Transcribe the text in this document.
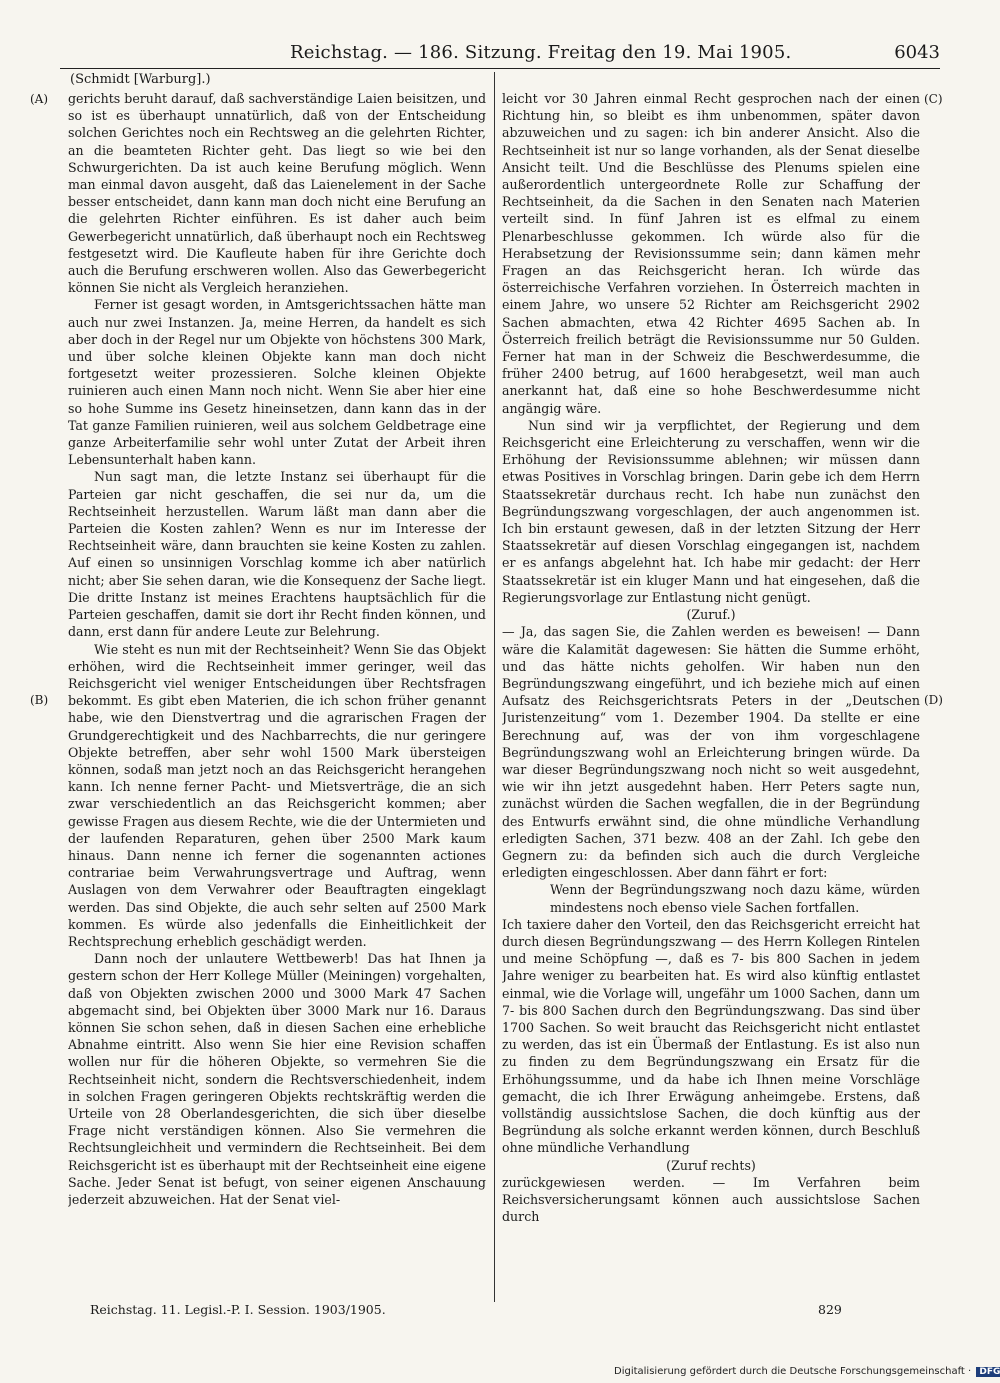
Reichstag. — 186. Sitzung. Freitag den 19. Mai 1905.	6043
(Schmidt [Warburg].)
(A)
(B)
(C)
(D)

gerichts beruht darauf, daß sachverständige Laien beisitzen, und so ist es überhaupt unnatürlich, daß von der Entscheidung solchen Gerichtes noch ein Rechtsweg an die gelehrten Richter, an die beamteten Richter geht. Das liegt so wie bei den Schwurgerichten. Da ist auch keine Berufung möglich. Wenn man einmal davon ausgeht, daß das Laienelement in der Sache besser entscheidet, dann kann man doch nicht eine Berufung an die gelehrten Richter einführen. Es ist daher auch beim Gewerbegericht unnatürlich, daß überhaupt noch ein Rechtsweg festgesetzt wird. Die Kaufleute haben für ihre Gerichte doch auch die Berufung erschweren wollen. Also das Gewerbegericht können Sie nicht als Vergleich heranziehen.

Ferner ist gesagt worden, in Amtsgerichtssachen hätte man auch nur zwei Instanzen. Ja, meine Herren, da handelt es sich aber doch in der Regel nur um Objekte von höchstens 300 Mark, und über solche kleinen Objekte kann man doch nicht fortgesetzt weiter prozessieren. Solche kleinen Objekte ruinieren auch einen Mann noch nicht. Wenn Sie aber hier eine so hohe Summe ins Gesetz hineinsetzen, dann kann das in der Tat ganze Familien ruinieren, weil aus solchem Geldbetrage eine ganze Arbeiterfamilie sehr wohl unter Zutat der Arbeit ihren Lebensunterhalt haben kann.

Nun sagt man, die letzte Instanz sei überhaupt für die Parteien gar nicht geschaffen, die sei nur da, um die Rechtseinheit herzustellen. Warum läßt man dann aber die Parteien die Kosten zahlen? Wenn es nur im Interesse der Rechtseinheit wäre, dann brauchten sie keine Kosten zu zahlen. Auf einen so unsinnigen Vorschlag komme ich aber natürlich nicht; aber Sie sehen daran, wie die Konsequenz der Sache liegt. Die dritte Instanz ist meines Erachtens hauptsächlich für die Parteien geschaffen, damit sie dort ihr Recht finden können, und dann, erst dann für andere Leute zur Belehrung.

Wie steht es nun mit der Rechtseinheit? Wenn Sie das Objekt erhöhen, wird die Rechtseinheit immer geringer, weil das Reichsgericht viel weniger Entscheidungen über Rechtsfragen bekommt. Es gibt eben Materien, die ich schon früher genannt habe, wie den Dienstvertrag und die agrarischen Fragen der Grundgerechtigkeit und des Nachbarrechts, die nur geringere Objekte betreffen, aber sehr wohl 1500 Mark übersteigen können, sodaß man jetzt noch an das Reichsgericht herangehen kann. Ich nenne ferner Pacht- und Mietsverträge, die an sich zwar verschiedentlich an das Reichsgericht kommen; aber gewisse Fragen aus diesem Rechte, wie die der Untermieten und der laufenden Reparaturen, gehen über 2500 Mark kaum hinaus. Dann nenne ich ferner die sogenannten actiones contrariae beim Verwahrungsvertrage und Auftrag, wenn Auslagen von dem Verwahrer oder Beauftragten eingeklagt werden. Das sind Objekte, die auch sehr selten auf 2500 Mark kommen. Es würde also jedenfalls die Einheitlichkeit der Rechtsprechung erheblich geschädigt werden.

Dann noch der unlautere Wettbewerb! Das hat Ihnen ja gestern schon der Herr Kollege Müller (Meiningen) vorgehalten, daß von Objekten zwischen 2000 und 3000 Mark 47 Sachen abgemacht sind, bei Objekten über 3000 Mark nur 16. Daraus können Sie schon sehen, daß in diesen Sachen eine erhebliche Abnahme eintritt. Also wenn Sie hier eine Revision schaffen wollen nur für die höheren Objekte, so vermehren Sie die Rechtseinheit nicht, sondern die Rechtsverschiedenheit, indem in solchen Fragen geringeren Objekts rechtskräftig werden die Urteile von 28 Oberlandesgerichten, die sich über dieselbe Frage nicht verständigen können. Also Sie vermehren die Rechtsungleichheit und vermindern die Rechtseinheit. Bei dem Reichsgericht ist es überhaupt mit der Rechtseinheit eine eigene Sache. Jeder Senat ist befugt, von seiner eigenen Anschauung jederzeit abzuweichen. Hat der Senat viel-

leicht vor 30 Jahren einmal Recht gesprochen nach der einen Richtung hin, so bleibt es ihm unbenommen, später davon abzuweichen und zu sagen: ich bin anderer Ansicht. Also die Rechtseinheit ist nur so lange vorhanden, als der Senat dieselbe Ansicht teilt. Und die Beschlüsse des Plenums spielen eine außerordentlich untergeordnete Rolle zur Schaffung der Rechtseinheit, da die Sachen in den Senaten nach Materien verteilt sind. In fünf Jahren ist es elfmal zu einem Plenarbeschlusse gekommen. Ich würde also für die Herabsetzung der Revisionssumme sein; dann kämen mehr Fragen an das Reichsgericht heran. Ich würde das österreichische Verfahren vorziehen. In Österreich machten in einem Jahre, wo unsere 52 Richter am Reichsgericht 2902 Sachen abmachten, etwa 42 Richter 4695 Sachen ab. In Österreich freilich beträgt die Revisionssumme nur 50 Gulden. Ferner hat man in der Schweiz die Beschwerdesumme, die früher 2400 betrug, auf 1600 herabgesetzt, weil man auch anerkannt hat, daß eine so hohe Beschwerdesumme nicht angängig wäre.

Nun sind wir ja verpflichtet, der Regierung und dem Reichsgericht eine Erleichterung zu verschaffen, wenn wir die Erhöhung der Revisionssumme ablehnen; wir müssen dann etwas Positives in Vorschlag bringen. Darin gebe ich dem Herrn Staatssekretär durchaus recht. Ich habe nun zunächst den Begründungszwang vorgeschlagen, der auch angenommen ist. Ich bin erstaunt gewesen, daß in der letzten Sitzung der Herr Staatssekretär auf diesen Vorschlag eingegangen ist, nachdem er es anfangs abgelehnt hat. Ich habe mir gedacht: der Herr Staatssekretär ist ein kluger Mann und hat eingesehen, daß die Regierungsvorlage zur Entlastung nicht genügt.

(Zuruf.)

— Ja, das sagen Sie, die Zahlen werden es beweisen! — Dann wäre die Kalamität dagewesen: Sie hätten die Summe erhöht, und das hätte nichts geholfen. Wir haben nun den Begründungszwang eingeführt, und ich beziehe mich auf einen Aufsatz des Reichsgerichtsrats Peters in der „Deutschen Juristenzeitung“ vom 1. Dezember 1904. Da stellte er eine Berechnung auf, was der von ihm vorgeschlagene Begründungszwang wohl an Erleichterung bringen würde. Da war dieser Begründungszwang noch nicht so weit ausgedehnt, wie wir ihn jetzt ausgedehnt haben. Herr Peters sagte nun, zunächst würden die Sachen wegfallen, die in der Begründung des Entwurfs erwähnt sind, die ohne mündliche Verhandlung erledigten Sachen, 371 bezw. 408 an der Zahl. Ich gebe den Gegnern zu: da befinden sich auch die durch Vergleiche erledigten eingeschlossen. Aber dann fährt er fort:

Wenn der Begründungszwang noch dazu käme, würden mindestens noch ebenso viele Sachen fortfallen.

Ich taxiere daher den Vorteil, den das Reichsgericht erreicht hat durch diesen Begründungszwang — des Herrn Kollegen Rintelen und meine Schöpfung —, daß es 7- bis 800 Sachen in jedem Jahre weniger zu bearbeiten hat. Es wird also künftig entlastet einmal, wie die Vorlage will, ungefähr um 1000 Sachen, dann um 7- bis 800 Sachen durch den Begründungszwang. Das sind über 1700 Sachen. So weit braucht das Reichsgericht nicht entlastet zu werden, das ist ein Übermaß der Entlastung. Es ist also nun zu finden zu dem Begründungszwang ein Ersatz für die Erhöhungssumme, und da habe ich Ihnen meine Vorschläge gemacht, die ich Ihrer Erwägung anheimgebe. Erstens, daß vollständig aussichtslose Sachen, die doch künftig aus der Begründung als solche erkannt werden können, durch Beschluß ohne mündliche Verhandlung

(Zuruf rechts)

zurückgewiesen werden. — Im Verfahren beim Reichsversicherungsamt können auch aussichtslose Sachen durch

Reichstag. 11. Legisl.-P. I. Session. 1903/1905.	829
Digitalisierung gefördert durch die Deutsche Forschungsgemeinschaft · DFG
